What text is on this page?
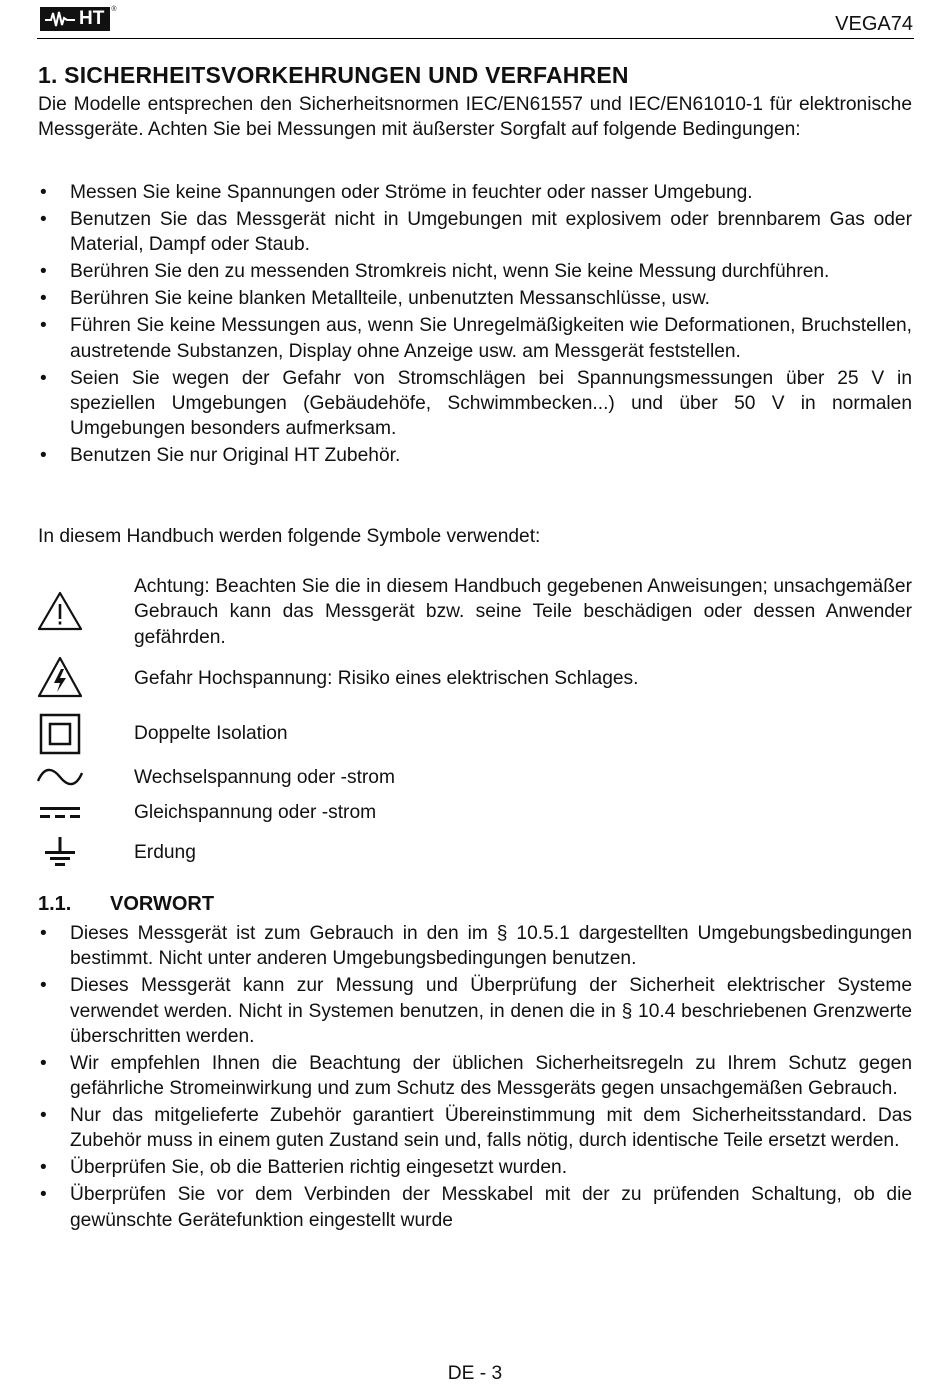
HT ®
VEGA74
1. SICHERHEITSVORKEHRUNGEN UND VERFAHREN
Die Modelle entsprechen den Sicherheitsnormen IEC/EN61557 und IEC/EN61010-1 für elektronische Messgeräte. Achten Sie bei Messungen mit äußerster Sorgfalt auf folgende Bedingungen:
• Messen Sie keine Spannungen oder Ströme in feuchter oder nasser Umgebung.
• Benutzen Sie das Messgerät nicht in Umgebungen mit explosivem oder brennbarem Gas oder Material, Dampf oder Staub.
• Berühren Sie den zu messenden Stromkreis nicht, wenn Sie keine Messung durchführen.
• Berühren Sie keine blanken Metallteile, unbenutzten Messanschlüsse, usw.
• Führen Sie keine Messungen aus, wenn Sie Unregelmäßigkeiten wie Deformationen, Bruchstellen, austretende Substanzen, Display ohne Anzeige usw. am Messgerät feststellen.
• Seien Sie wegen der Gefahr von Stromschlägen bei Spannungsmessungen über 25 V in speziellen Umgebungen (Gebäudehöfe, Schwimmbecken...) und über 50 V in normalen Umgebungen besonders aufmerksam.
• Benutzen Sie nur Original HT Zubehör.
In diesem Handbuch werden folgende Symbole verwendet:
Achtung: Beachten Sie die in diesem Handbuch gegebenen Anweisungen; unsachgemäßer Gebrauch kann das Messgerät bzw. seine Teile beschädigen oder dessen Anwender gefährden.
Gefahr Hochspannung: Risiko eines elektrischen Schlages.
Doppelte Isolation
Wechselspannung oder -strom
Gleichspannung oder -strom
Erdung
1.1. VORWORT
• Dieses Messgerät ist zum Gebrauch in den im § 10.5.1 dargestellten Umgebungsbedingungen bestimmt. Nicht unter anderen Umgebungsbedingungen benutzen.
• Dieses Messgerät kann zur Messung und Überprüfung der Sicherheit elektrischer Systeme verwendet werden. Nicht in Systemen benutzen, in denen die in § 10.4 beschriebenen Grenzwerte überschritten werden.
• Wir empfehlen Ihnen die Beachtung der üblichen Sicherheitsregeln zu Ihrem Schutz gegen gefährliche Stromeinwirkung und zum Schutz des Messgeräts gegen unsachgemäßen Gebrauch.
• Nur das mitgelieferte Zubehör garantiert Übereinstimmung mit dem Sicherheitsstandard. Das Zubehör muss in einem guten Zustand sein und, falls nötig, durch identische Teile ersetzt werden.
• Überprüfen Sie, ob die Batterien richtig eingesetzt wurden.
• Überprüfen Sie vor dem Verbinden der Messkabel mit der zu prüfenden Schaltung, ob die gewünschte Gerätefunktion eingestellt wurde
DE - 3
